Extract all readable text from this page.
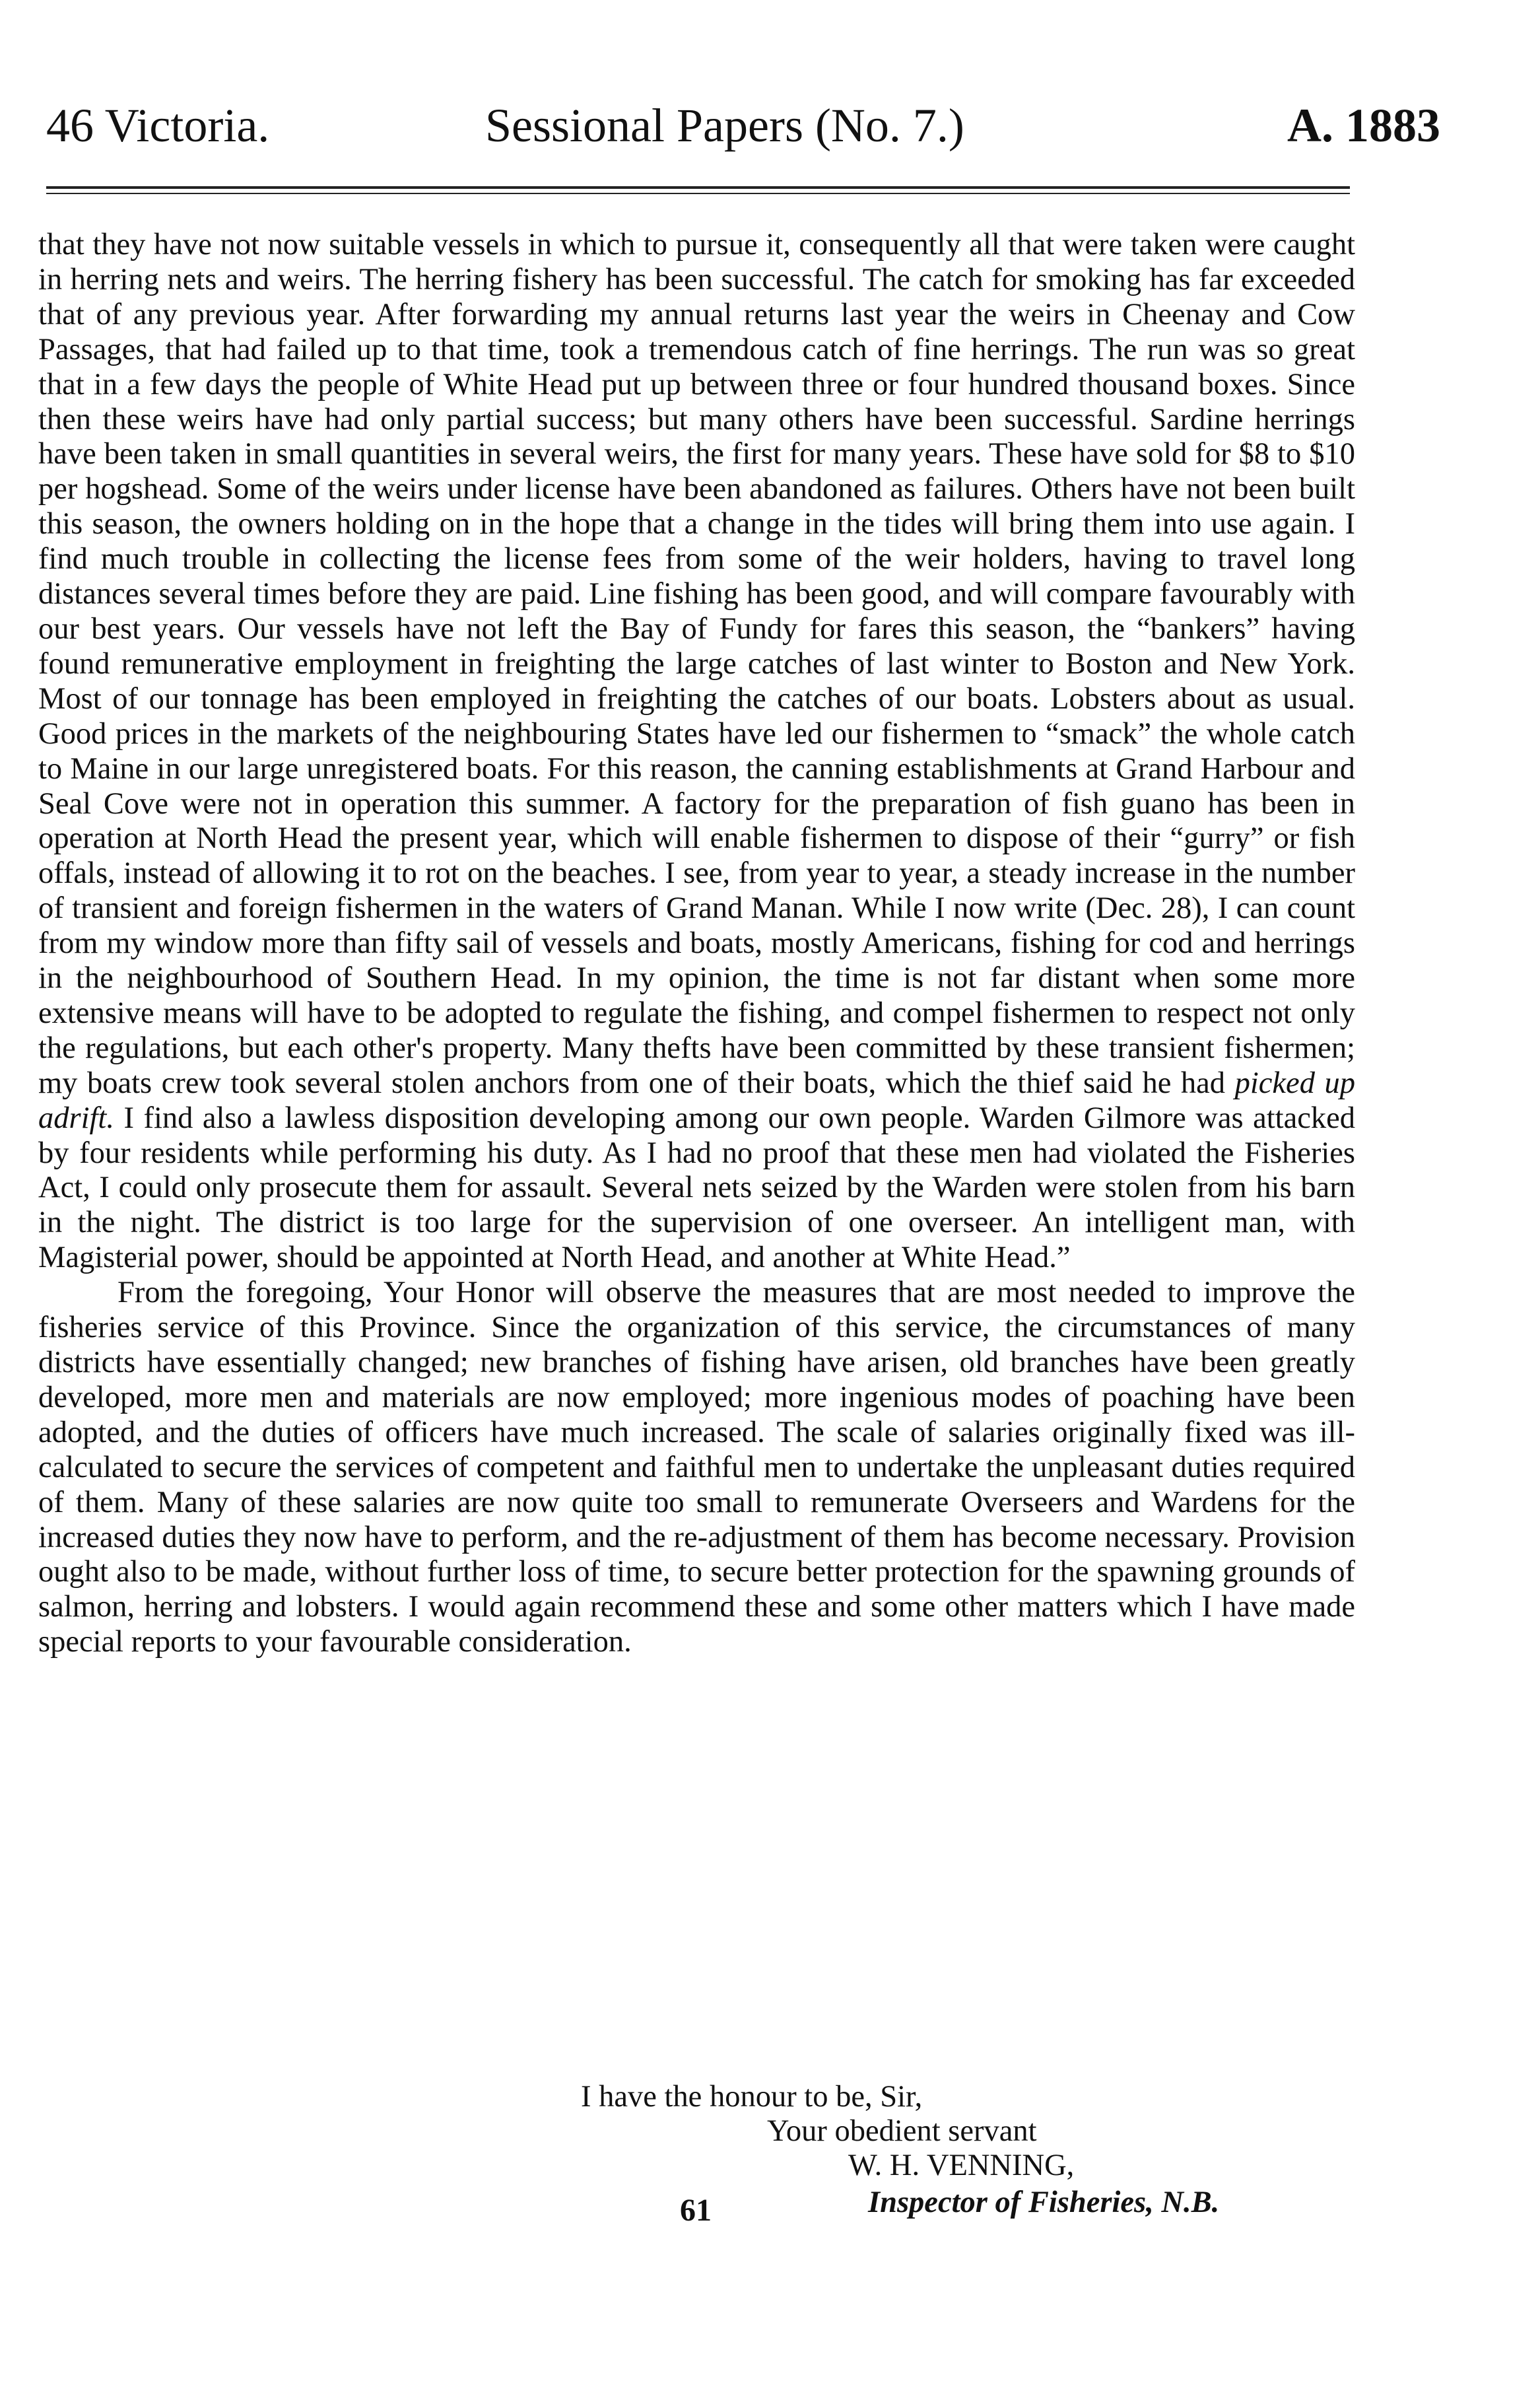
46 Victoria.	Sessional Papers (No. 7.)	A. 1883

that they have not now suitable vessels in which to pursue it, consequently all that were taken were caught in herring nets and weirs. The herring fishery has been successful. The catch for smoking has far exceeded that of any previous year. After forwarding my annual returns last year the weirs in Cheenay and Cow Passages, that had failed up to that time, took a tremendous catch of fine herrings. The run was so great that in a few days the people of White Head put up between three or four hundred thousand boxes. Since then these weirs have had only partial success; but many others have been successful. Sardine herrings have been taken in small quantities in several weirs, the first for many years. These have sold for $8 to $10 per hogshead. Some of the weirs under license have been abandoned as failures. Others have not been built this season, the owners holding on in the hope that a change in the tides will bring them into use again. I find much trouble in collecting the license fees from some of the weir holders, having to travel long distances several times before they are paid. Line fishing has been good, and will compare favourably with our best years. Our vessels have not left the Bay of Fundy for fares this season, the “bankers” having found remunerative employment in freighting the large catches of last winter to Boston and New York. Most of our tonnage has been employed in freighting the catches of our boats. Lobsters about as usual. Good prices in the markets of the neighbouring States have led our fishermen to “smack” the whole catch to Maine in our large unregistered boats. For this reason, the canning establishments at Grand Harbour and Seal Cove were not in operation this summer. A factory for the preparation of fish guano has been in operation at North Head the present year, which will enable fishermen to dispose of their “gurry” or fish offals, instead of allowing it to rot on the beaches. I see, from year to year, a steady increase in the number of transient and foreign fishermen in the waters of Grand Manan. While I now write (Dec. 28), I can count from my window more than fifty sail of vessels and boats, mostly Americans, fishing for cod and herrings in the neighbourhood of Southern Head. In my opinion, the time is not far distant when some more extensive means will have to be adopted to regulate the fishing, and compel fishermen to respect not only the regulations, but each other's property. Many thefts have been committed by these transient fishermen; my boats crew took several stolen anchors from one of their boats, which the thief said he had picked up adrift. I find also a lawless disposition developing among our own people. Warden Gilmore was attacked by four residents while performing his duty. As I had no proof that these men had violated the Fisheries Act, I could only prosecute them for assault. Several nets seized by the Warden were stolen from his barn in the night. The district is too large for the supervision of one overseer. An intelligent man, with Magisterial power, should be appointed at North Head, and another at White Head.”

From the foregoing, Your Honor will observe the measures that are most needed to improve the fisheries service of this Province. Since the organization of this service, the circumstances of many districts have essentially changed; new branches of fishing have arisen, old branches have been greatly developed, more men and materials are now employed; more ingenious modes of poaching have been adopted, and the duties of officers have much increased. The scale of salaries originally fixed was ill-calculated to secure the services of competent and faithful men to undertake the unpleasant duties required of them. Many of these salaries are now quite too small to remunerate Overseers and Wardens for the increased duties they now have to perform, and the re-adjustment of them has become necessary. Provision ought also to be made, without further loss of time, to secure better protection for the spawning grounds of salmon, herring and lobsters. I would again recommend these and some other matters which I have made special reports to your favourable consideration.

I have the honour to be, Sir,
Your obedient servant
W. H. VENNING,
Inspector of Fisheries, N.B.
61
